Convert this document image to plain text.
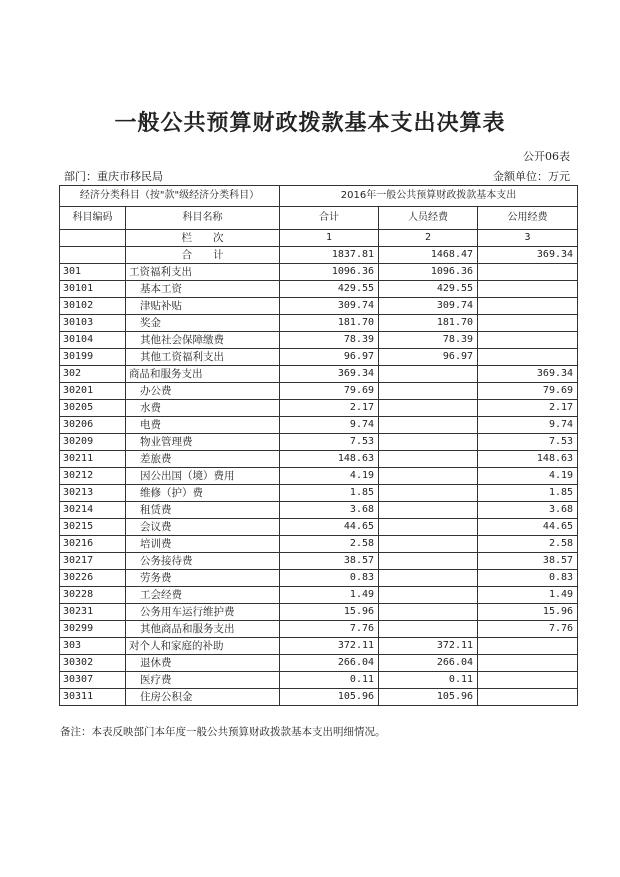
一般公共预算财政拨款基本支出决算表
公开06表
部门：重庆市移民局	金额单位：万元
经济分类科目（按"款"级经济分类科目）		2016年一般公共预算财政拨款基本支出		
科目编码	科目名称	合计	人员经费	公用经费
	栏　　次	1	2	3
	合　　计	1837.81	1468.47	369.34
301	工资福利支出	1096.36	1096.36	
30101	基本工资	429.55	429.55	
30102	津贴补贴	309.74	309.74	
30103	奖金	181.70	181.70	
30104	其他社会保障缴费	78.39	78.39	
30199	其他工资福利支出	96.97	96.97	
302	商品和服务支出	369.34		369.34
30201	办公费	79.69		79.69
30205	水费	2.17		2.17
30206	电费	9.74		9.74
30209	物业管理费	7.53		7.53
30211	差旅费	148.63		148.63
30212	因公出国（境）费用	4.19		4.19
30213	维修（护）费	1.85		1.85
30214	租赁费	3.68		3.68
30215	会议费	44.65		44.65
30216	培训费	2.58		2.58
30217	公务接待费	38.57		38.57
30226	劳务费	0.83		0.83
30228	工会经费	1.49		1.49
30231	公务用车运行维护费	15.96		15.96
30299	其他商品和服务支出	7.76		7.76
303	对个人和家庭的补助	372.11	372.11	
30302	退休费	266.04	266.04	
30307	医疗费	0.11	0.11	
30311	住房公积金	105.96	105.96	
备注：本表反映部门本年度一般公共预算财政拨款基本支出明细情况。
